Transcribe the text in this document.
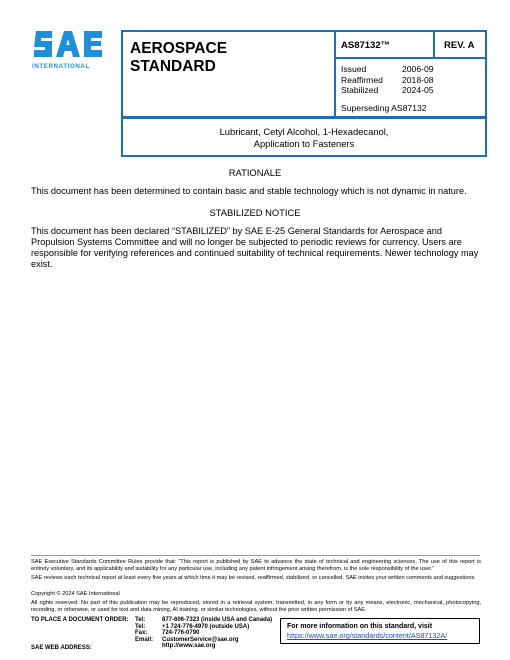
INTERNATIONAL
AEROSPACE
STANDARD
AS87132™	REV. A
Issued	2006-09
Reaffirmed 2018-08
Stabilized	2024-05
Superseding AS87132
Lubricant, Cetyl Alcohol, 1-Hexadecanol,
Application to Fasteners
RATIONALE
This document has been determined to contain basic and stable technology which is not dynamic in nature.
STABILIZED NOTICE
This document has been declared “STABILIZED” by SAE E-25 General Standards for Aerospace and Propulsion Systems Committee and will no longer be subjected to periodic reviews for currency. Users are responsible for verifying references and continued suitability of technical requirements. Newer technology may exist.
SAE Executive Standards Committee Rules provide that: “This report is published by SAE to advance the state of technical and engineering sciences. The use of this report is entirely voluntary, and its applicability and suitability for any particular use, including any patent infringement arising therefrom, is the sole responsibility of the user.”
SAE reviews each technical report at least every five years at which time it may be revised, reaffirmed, stabilized, or cancelled. SAE invites your written comments and suggestions.
Copyright © 2024 SAE International
All rights reserved. No part of this publication may be reproduced, stored in a retrieval system, transmitted, in any form or by any means, electronic, mechanical, photocopying, recording, or otherwise, or used for text and data mining, AI training, or similar technologies, without the prior written permission of SAE.
TO PLACE A DOCUMENT ORDER:
SAE WEB ADDRESS:
Tel:	877-606-7323 (inside USA and Canada)
Tel:	+1 724-776-4970 (outside USA)
Fax: 724-776-0790
Email: CustomerService@sae.org
http://www.sae.org
For more information on this standard, visit
https://www.sae.org/standards/content/AS87132A/
